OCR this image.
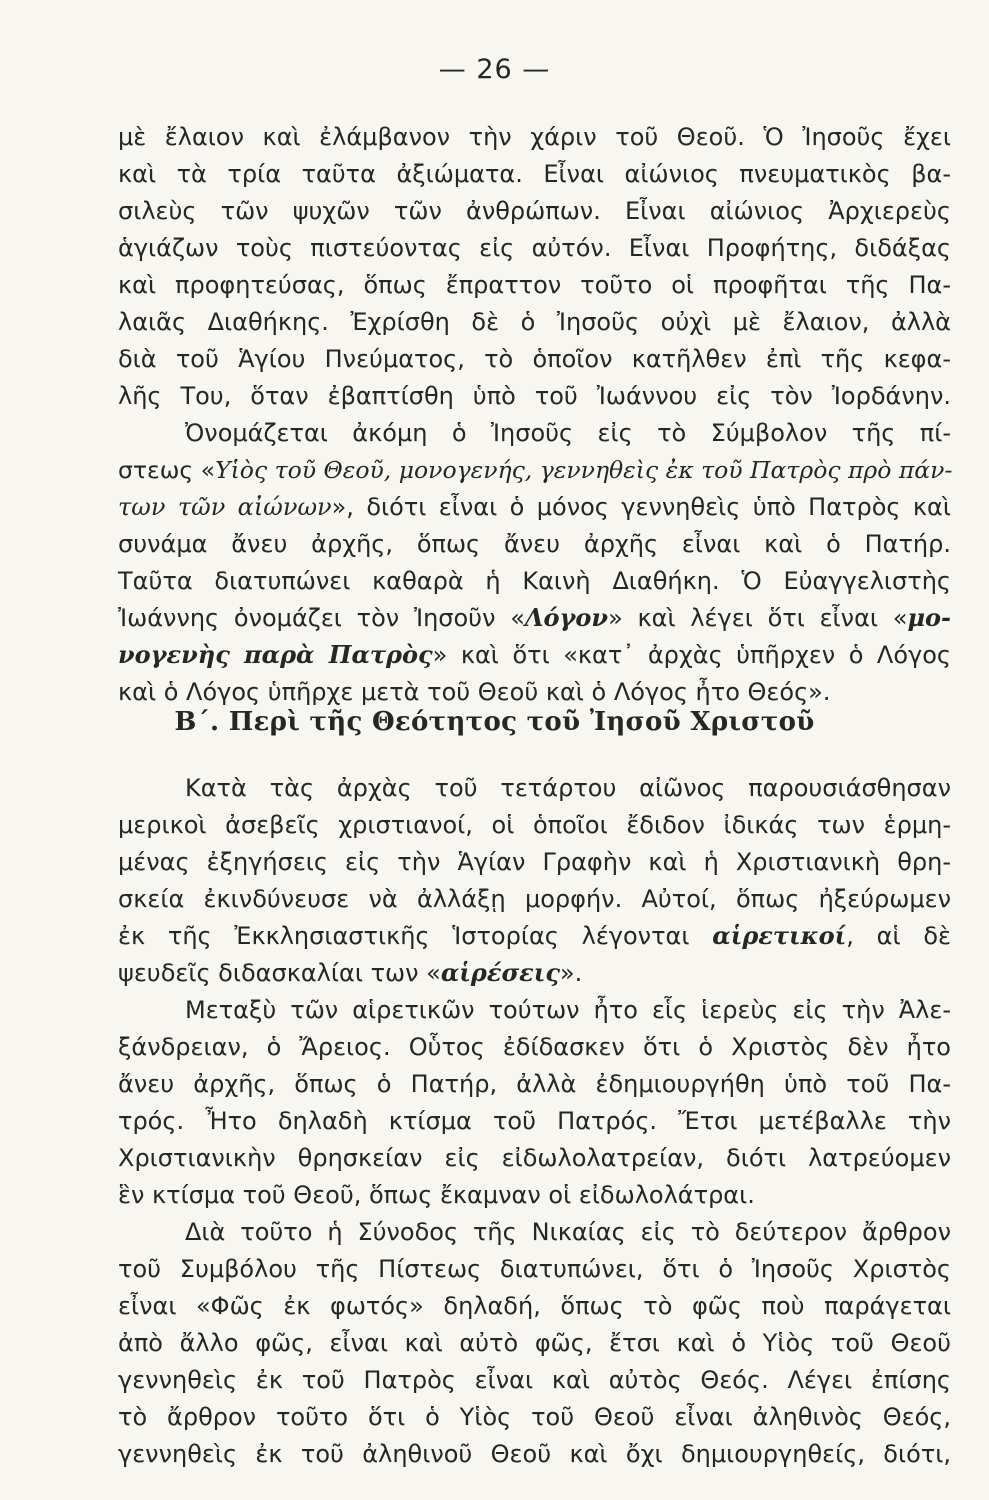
— 26 —
μὲ ἔλαιον καὶ ἐλάμβανον τὴν χάριν τοῦ Θεοῦ. Ὁ Ἰησοῦς ἔχει
καὶ τὰ τρία ταῦτα ἀξιώματα. Εἶναι αἰώνιος πνευματικὸς βα-
σιλεὺς τῶν ψυχῶν τῶν ἀνθρώπων. Εἶναι αἰώνιος Ἀρχιερεὺς
ἁγιάζων τοὺς πιστεύοντας εἰς αὐτόν. Εἶναι Προφήτης, διδάξας
καὶ προφητεύσας, ὅπως ἔπραττον τοῦτο οἱ προφῆται τῆς Πα-
λαιᾶς Διαθήκης. Ἐχρίσθη δὲ ὁ Ἰησοῦς οὐχὶ μὲ ἔλαιον, ἀλλὰ
διὰ τοῦ Ἁγίου Πνεύματος, τὸ ὁποῖον κατῆλθεν ἐπὶ τῆς κεφα-
λῆς Του, ὅταν ἐβαπτίσθη ὑπὸ τοῦ Ἰωάννου εἰς τὸν Ἰορδάνην.
Ὀνομάζεται ἀκόμη ὁ Ἰησοῦς εἰς τὸ Σύμβολον τῆς πί-
στεως «Υἱὸς τοῦ Θεοῦ, μονογενής, γεννηθεὶς ἐκ τοῦ Πατρὸς πρὸ πάν-
των τῶν αἰώνων», διότι εἶναι ὁ μόνος γεννηθεὶς ὑπὸ Πατρὸς καὶ
συνάμα ἄνευ ἀρχῆς, ὅπως ἄνευ ἀρχῆς εἶναι καὶ ὁ Πατήρ.
Ταῦτα διατυπώνει καθαρὰ ἡ Καινὴ Διαθήκη. Ὁ Εὐαγγελιστὴς
Ἰωάννης ὀνομάζει τὸν Ἰησοῦν «Λόγον» καὶ λέγει ὅτι εἶναι «μο-
νογενὴς παρὰ Πατρὸς» καὶ ὅτι «κατ᾽ ἀρχὰς ὑπῆρχεν ὁ Λόγος
καὶ ὁ Λόγος ὑπῆρχε μετὰ τοῦ Θεοῦ καὶ ὁ Λόγος ἦτο Θεός».
Β΄. Περὶ τῆς Θεότητος τοῦ Ἰησοῦ Χριστοῦ
Κατὰ τὰς ἀρχὰς τοῦ τετάρτου αἰῶνος παρουσιάσθησαν
μερικοὶ ἀσεβεῖς χριστιανοί, οἱ ὁποῖοι ἔδιδον ἰδικάς των ἑρμη-
μένας ἐξηγήσεις εἰς τὴν Ἁγίαν Γραφὴν καὶ ἡ Χριστιανικὴ θρη-
σκεία ἐκινδύνευσε νὰ ἀλλάξῃ μορφήν. Αὐτοί, ὅπως ἠξεύρωμεν
ἐκ τῆς Ἐκκλησιαστικῆς Ἱστορίας λέγονται αἱρετικοί, αἱ δὲ
ψευδεῖς διδασκαλίαι των «αἱρέσεις».
Μεταξὺ τῶν αἱρετικῶν τούτων ἦτο εἷς ἱερεὺς εἰς τὴν Ἀλε-
ξάνδρειαν, ὁ Ἄρειος. Οὗτος ἐδίδασκεν ὅτι ὁ Χριστὸς δὲν ἦτο
ἄνευ ἀρχῆς, ὅπως ὁ Πατήρ, ἀλλὰ ἐδημιουργήθη ὑπὸ τοῦ Πα-
τρός. Ἦτο δηλαδὴ κτίσμα τοῦ Πατρός. Ἔτσι μετέβαλλε τὴν
Χριστιανικὴν θρησκείαν εἰς εἰδωλολατρείαν, διότι λατρεύομεν
ἓν κτίσμα τοῦ Θεοῦ, ὅπως ἔκαμναν οἱ εἰδωλολάτραι.
Διὰ τοῦτο ἡ Σύνοδος τῆς Νικαίας εἰς τὸ δεύτερον ἄρθρον
τοῦ Συμβόλου τῆς Πίστεως διατυπώνει, ὅτι ὁ Ἰησοῦς Χριστὸς
εἶναι «Φῶς ἐκ φωτός» δηλαδή, ὅπως τὸ φῶς ποὺ παράγεται
ἀπὸ ἄλλο φῶς, εἶναι καὶ αὐτὸ φῶς, ἔτσι καὶ ὁ Υἱὸς τοῦ Θεοῦ
γεννηθεὶς ἐκ τοῦ Πατρὸς εἶναι καὶ αὐτὸς Θεός. Λέγει ἐπίσης
τὸ ἄρθρον τοῦτο ὅτι ὁ Υἱὸς τοῦ Θεοῦ εἶναι ἀληθινὸς Θεός,
γεννηθεὶς ἐκ τοῦ ἀληθινοῦ Θεοῦ καὶ ὄχι δημιουργηθείς, διότι,
